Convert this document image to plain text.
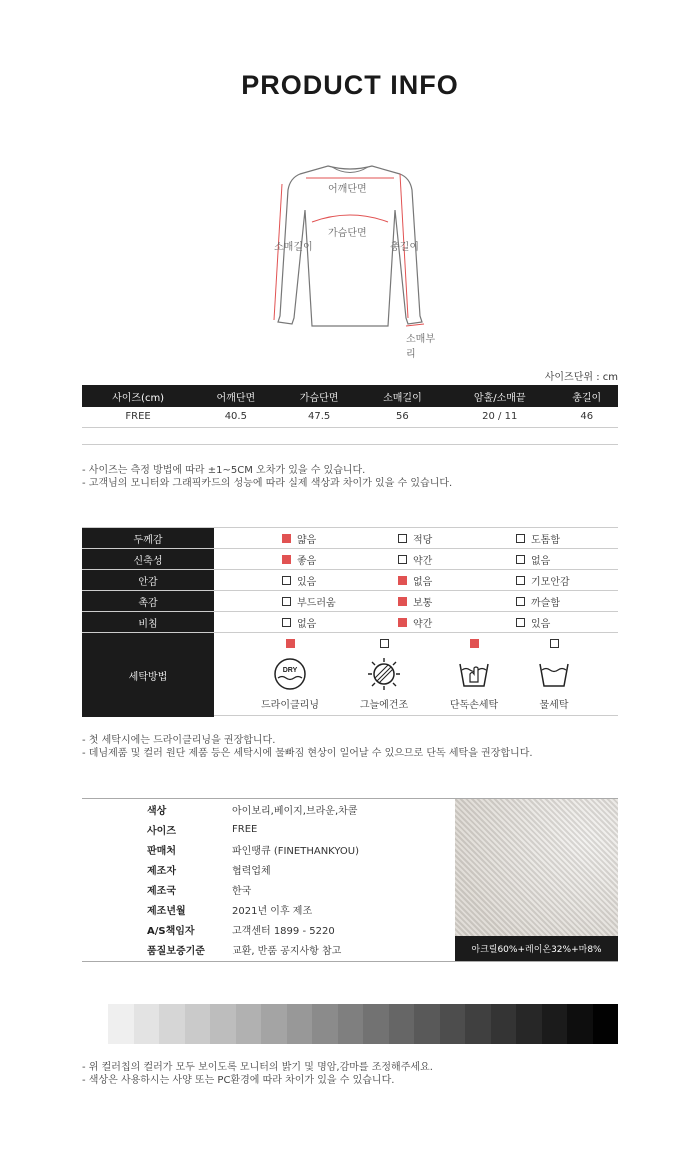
PRODUCT INFO
어깨단면
가슴단면
소매길이	총길이
소매부리
사이즈단위 : cm
사이즈(cm)	어깨단면	가슴단면	소매길이	암홀/소매끝	총길이
FREE	40.5	47.5	56	20 / 11	46
- 사이즈는 측정 방법에 따라 ±1~5CM 오차가 있을 수 있습니다.
- 고객님의 모니터와 그래픽카드의 성능에 따라 실제 색상과 차이가 있을 수 있습니다.
두께감	얇음	적당	도톰함
신축성	좋음	약간	없음
안감	있음	없음	기모안감
촉감	부드러움	보통	까슬함
비침	없음	약간	있음
세탁방법
DRY
드라이클리닝	그늘에건조	단독손세탁	물세탁
- 첫 세탁시에는 드라이클리닝을 권장합니다.
- 데님제품 및 컬러 원단 제품 등은 세탁시에 물빠짐 현상이 일어날 수 있으므로 단독 세탁을 권장합니다.
색상	아이보리,베이지,브라운,차콜
사이즈	FREE
판매처	파인땡큐 (FINETHANKYOU)
제조자	협력업체
제조국	한국
제조년월	2021년 이후 제조
A/S책임자	고객센터 1899 - 5220
품질보증기준	교환, 반품 공지사항 참고	아크릴60%+레이온32%+마8%
- 위 컬러칩의 컬러가 모두 보이도록 모니터의 밝기 및 명암,감마를 조정해주세요.
- 색상은 사용하시는 사양 또는 PC환경에 따라 차이가 있을 수 있습니다.
